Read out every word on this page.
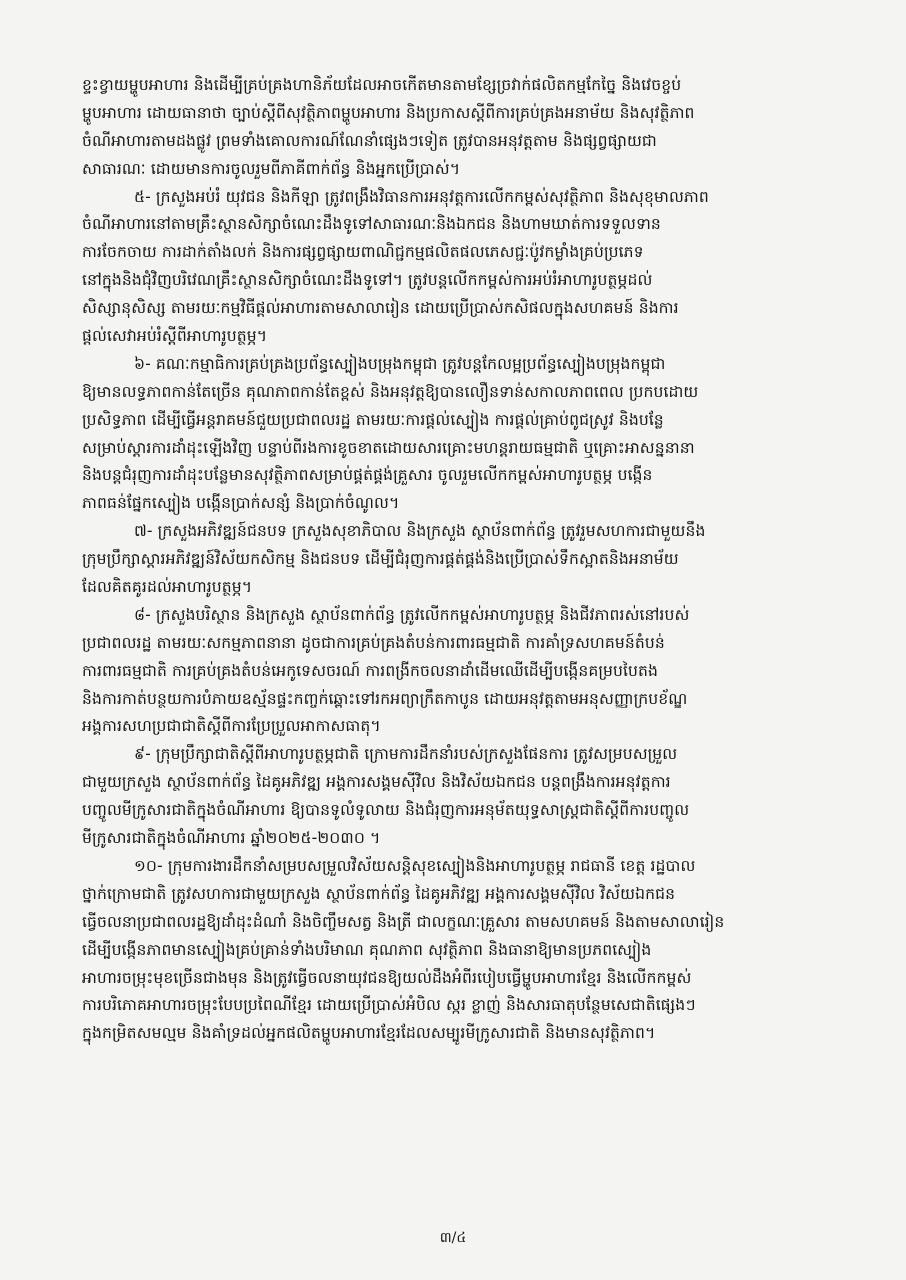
ខ្ទះខ្វាយម្ហូបអាហារ និងដើម្បីគ្រប់គ្រងហានិភ័យដែលអាចកើតមានតាមខ្សែច្រវាក់ផលិតកម្មកែច្នៃ និងវេចខ្ចប់
ម្ហូបអាហារ ដោយធានាថា ច្បាប់ស្តីពីសុវត្ថិភាពម្ហូបអាហារ និងប្រកាសស្តីពីការគ្រប់គ្រងអនាម័យ និងសុវត្ថិភាព
ចំណីអាហារតាមដងផ្លូវ ព្រមទាំងគោលការណ៍ណែនាំផ្សេងៗទៀត ត្រូវបានអនុវត្តតាម និងផ្សព្វផ្សាយជា
សាធារណៈ ដោយមានការចូលរួមពីភាគីពាក់ព័ន្ធ និងអ្នកប្រើប្រាស់។
៥- ក្រសួងអប់រំ យុវជន និងកីឡា ត្រូវពង្រឹងវិធានការអនុវត្តការលើកកម្ពស់សុវត្ថិភាព និងសុខុមាលភាព
ចំណីអាហារនៅតាមគ្រឹះស្ថានសិក្សាចំណេះដឹងទូទៅសាធារណៈនិងឯកជន និងហាមឃាត់ការទទួលទាន
ការចែកចាយ ការដាក់តាំងលក់ និងការផ្សព្វផ្សាយពាណិជ្ជកម្មផលិតផលភេសជ្ជៈប៉ូវកម្លាំងគ្រប់ប្រភេទ
នៅក្នុងនិងជុំវិញបរិវេណគ្រឹះស្ថានសិក្សាចំណេះដឹងទូទៅ។ ត្រូវបន្តលើកកម្ពស់ការអប់រំអាហារូបត្ថម្ភដល់
សិស្សានុសិស្ស តាមរយៈកម្មវិធីផ្តល់អាហារតាមសាលារៀន ដោយប្រើប្រាស់កសិផលក្នុងសហគមន៍ និងការ
ផ្តល់សេវាអប់រំស្តីពីអាហារូបត្ថម្ភ។
៦- គណៈកម្មាធិការគ្រប់គ្រងប្រព័ន្ធស្បៀងបម្រុងកម្ពុជា ត្រូវបន្តកែលម្អប្រព័ន្ធស្បៀងបម្រុងកម្ពុជា
ឱ្យមានលទ្ធភាពកាន់តែច្រើន គុណភាពកាន់តែខ្ពស់ និងអនុវត្តឱ្យបានលឿនទាន់សកាលភាពពេល ប្រកបដោយ
ប្រសិទ្ធភាព ដើម្បីធ្វើអន្តរាគមន៍ជួយប្រជាពលរដ្ឋ តាមរយៈការផ្តល់ស្បៀង ការផ្តល់គ្រាប់ពូជស្រូវ និងបន្លែ
សម្រាប់ស្តារការដាំដុះឡើងវិញ បន្ទាប់ពីរងការខូចខាតដោយសារគ្រោះមហន្តរាយធម្មជាតិ ឬគ្រោះអាសន្ននានា
និងបន្តជំរុញការដាំដុះបន្លែមានសុវត្ថិភាពសម្រាប់ផ្គត់ផ្គង់គ្រួសារ ចូលរួមលើកកម្ពស់អាហារូបត្ថម្ភ បង្កើន
ភាពធន់ផ្នែកស្បៀង បង្កើនប្រាក់សន្សំ និងប្រាក់ចំណូល។
៧- ក្រសួងអភិវឌ្ឍន៍ជនបទ ក្រសួងសុខាភិបាល និងក្រសួង ស្ថាប័នពាក់ព័ន្ធ ត្រូវរួមសហការជាមួយនឹង
ក្រុមប្រឹក្សាស្តារអភិវឌ្ឍន៍វិស័យកសិកម្ម និងជនបទ ដើម្បីជំរុញការផ្គត់ផ្គង់និងប្រើប្រាស់ទឹកស្អាតនិងអនាម័យ
ដែលគិតគូរដល់អាហារូបត្ថម្ភ។
៨- ក្រសួងបរិស្ថាន និងក្រសួង ស្ថាប័នពាក់ព័ន្ធ ត្រូវលើកកម្ពស់អាហារូបត្ថម្ភ និងជីវភាពរស់នៅរបស់
ប្រជាពលរដ្ឋ តាមរយៈសកម្មភាពនានា ដូចជាការគ្រប់គ្រងតំបន់ការពារធម្មជាតិ ការគាំទ្រសហគមន៍តំបន់
ការពារធម្មជាតិ ការគ្រប់គ្រងតំបន់អេកូទេសចរណ៍ ការពង្រីកចលនាដាំដើមឈើដើម្បីបង្កើនគម្របបៃតង
និងការកាត់បន្ថយការបំភាយឧស្ម័នផ្ទះកញ្ចក់ឆ្ពោះទៅរកអព្យាក្រឹតកាបូន ដោយអនុវត្តតាមអនុសញ្ញាក្របខ័ណ្ឌ
អង្គការសហប្រជាជាតិស្តីពីការប្រែប្រួលអាកាសធាតុ។
៩- ក្រុមប្រឹក្សាជាតិស្តីពីអាហារូបត្ថម្ភជាតិ ក្រោមការដឹកនាំរបស់ក្រសួងផែនការ ត្រូវសម្របសម្រួល
ជាមួយក្រសួង ស្ថាប័នពាក់ព័ន្ធ ដៃគូអភិវឌ្ឍ អង្គការសង្គមស៊ីវិល និងវិស័យឯកជន បន្តពង្រឹងការអនុវត្តការ
បញ្ចូលមីក្រូសារជាតិក្នុងចំណីអាហារ ឱ្យបានទូលំទូលាយ និងជំរុញការអនុម័តយុទ្ធសាស្ត្រជាតិស្តីពីការបញ្ចូល
មីក្រូសារជាតិក្នុងចំណីអាហារ ឆ្នាំ២០២៥-២០៣០ ។
១០- ក្រុមការងារដឹកនាំសម្របសម្រួលវិស័យសន្តិសុខស្បៀងនិងអាហារូបត្ថម្ភ រាជធានី ខេត្ត រដ្ឋបាល
ថ្នាក់ក្រោមជាតិ ត្រូវសហការជាមួយក្រសួង ស្ថាប័នពាក់ព័ន្ធ ដៃគូអភិវឌ្ឍ អង្គការសង្គមស៊ីវិល វិស័យឯកជន
ធ្វើចលនាប្រជាពលរដ្ឋឱ្យដាំដុះដំណាំ និងចិញ្ចឹមសត្វ និងត្រី ជាលក្ខណៈគ្រួសារ តាមសហគមន៍ និងតាមសាលារៀន
ដើម្បីបង្កើនភាពមានស្បៀងគ្រប់គ្រាន់ទាំងបរិមាណ គុណភាព សុវត្ថិភាព និងធានាឱ្យមានប្រភពស្បៀង
អាហារចម្រុះមុខច្រើនជាងមុន និងត្រូវធ្វើចលនាយុវជនឱ្យយល់ដឹងអំពីរបៀបធ្វើម្ហូបអាហារខ្មែរ និងលើកកម្ពស់
ការបរិភោគអាហារចម្រុះបែបប្រពៃណីខ្មែរ ដោយប្រើប្រាស់អំបិល ស្ករ ខ្លាញ់ និងសារធាតុបន្ថែមសេជាតិផ្សេងៗ
ក្នុងកម្រិតសមល្មម និងគាំទ្រដល់អ្នកផលិតម្ហូបអាហារខ្មែរដែលសម្បូរមីក្រូសារជាតិ និងមានសុវត្ថិភាព។
៣/៤
